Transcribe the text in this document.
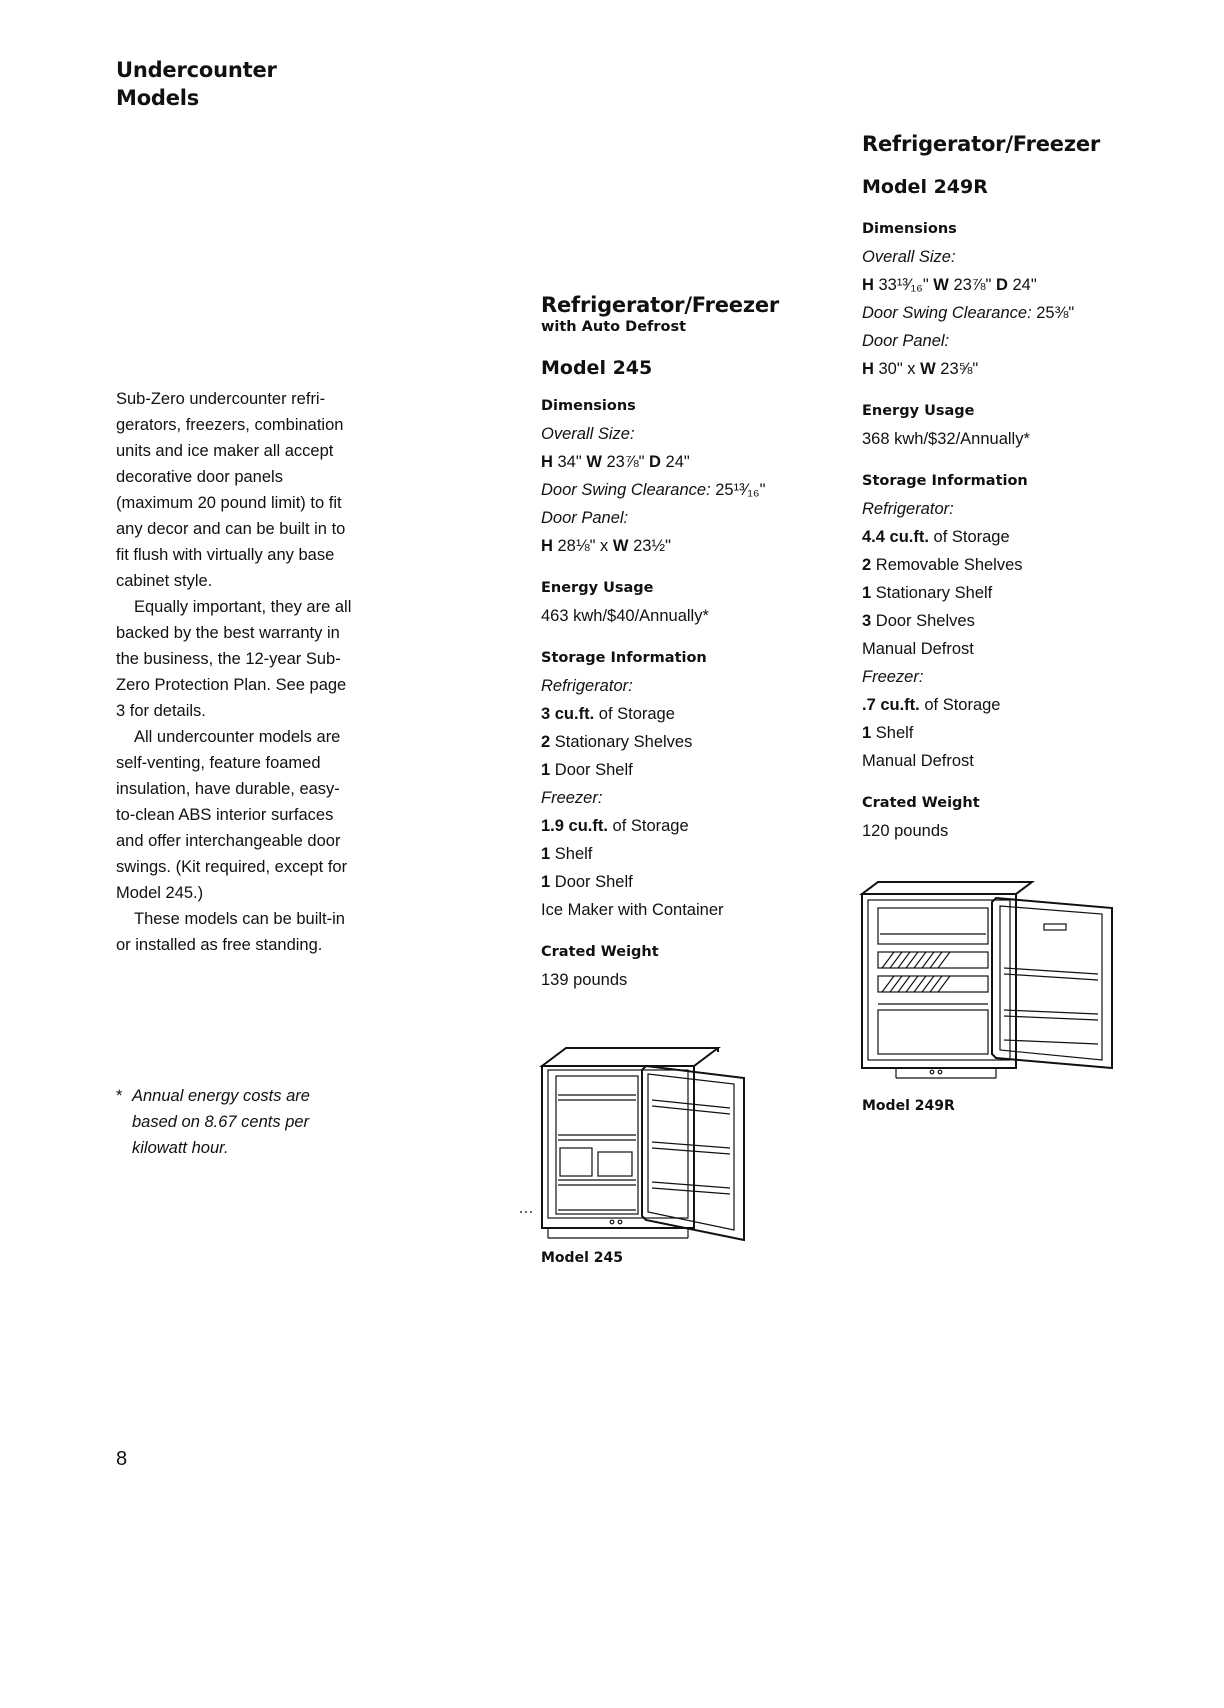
Undercounter
Models

Sub-Zero undercounter refrigerators, freezers, combination units and ice maker all accept decorative door panels (maximum 20 pound limit) to fit any decor and can be built in to fit flush with virtually any base cabinet style.

Equally important, they are all backed by the best warranty in the business, the 12-year Sub-Zero Protection Plan. See page 3 for details.

All undercounter models are self-venting, feature foamed insulation, have durable, easy-to-clean ABS interior surfaces and offer interchangeable door swings. (Kit required, except for Model 245.)

These models can be built-in or installed as free standing.

* Annual energy costs are based on 8.67 cents per kilowatt hour.
8
Refrigerator/Freezer
with Auto Defrost
Model 245
Dimensions
Overall Size:
H 34" W 23⅞" D 24"
Door Swing Clearance: 25¹³⁄₁₆"
Door Panel:
H 28⅛" x W 23½"
Energy Usage
463 kwh/$40/Annually*
Storage Information
Refrigerator:
3 cu.ft. of Storage
2 Stationary Shelves
1 Door Shelf
Freezer:
1.9 cu.ft. of Storage
1 Shelf
1 Door Shelf
Ice Maker with Container
Crated Weight
139 pounds
Model 245
Refrigerator/Freezer
Model 249R
Dimensions
Overall Size:
H 33¹³⁄₁₆" W 23⅞" D 24"
Door Swing Clearance: 25⅜"
Door Panel:
H 30" x W 23⅝"
Energy Usage
368 kwh/$32/Annually*
Storage Information
Refrigerator:
4.4 cu.ft. of Storage
2 Removable Shelves
1 Stationary Shelf
3 Door Shelves
Manual Defrost
Freezer:
.7 cu.ft. of Storage
1 Shelf
Manual Defrost
Crated Weight
120 pounds
Model 249R
